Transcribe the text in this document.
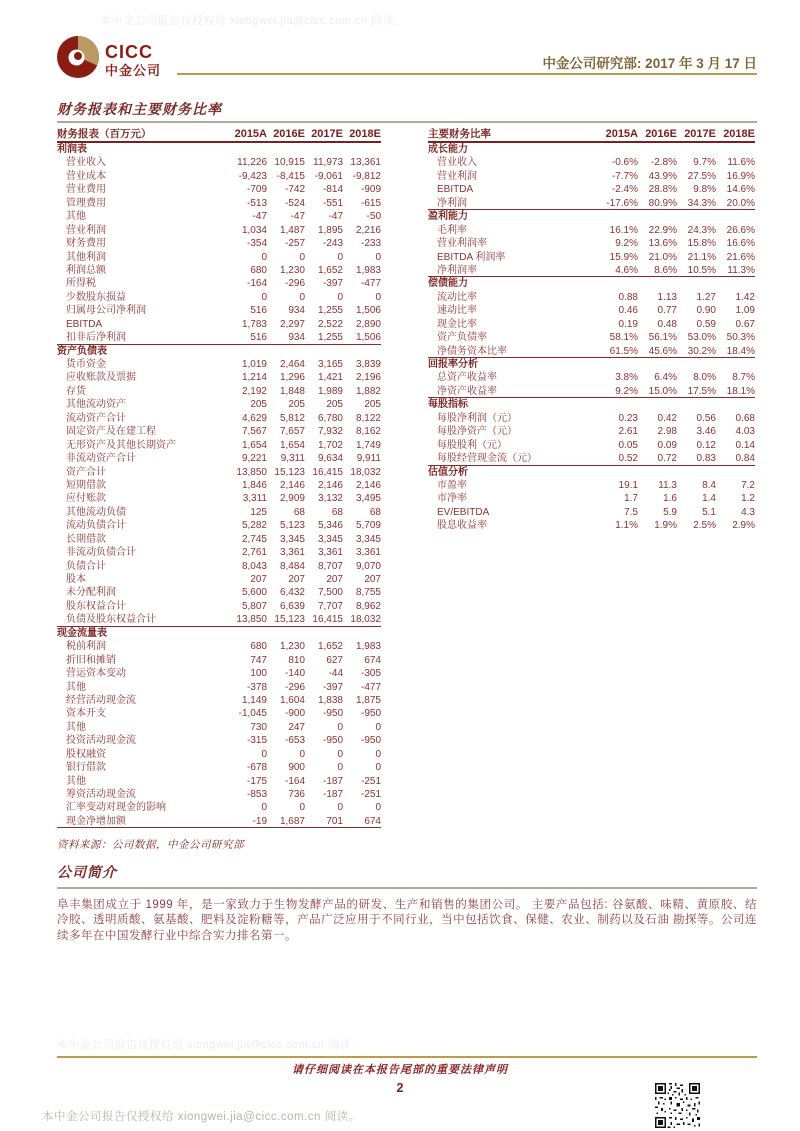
本中金公司报告仅授权给 xiongwei.jia@cicc.com.cn 阅读。
本中金公司报告仅授权给 xiongwei.jia@cicc.com.cn 阅读。
CICC
中金公司	中金公司研究部: 2017 年 3 月 17 日
财务报表和主要财务比率
财务报表（百万元）	2015A 2016E 2017E 2018E
利润表
营业收入	11,226 10,915 11,973 13,361
营业成本	-9,423 -8,415 -9,061 -9,812
营业费用	-709	-742	-814	-909
管理费用	-513	-524	-551	-615
其他	-47	-47	-47	-50
营业利润	1,034	1,487	1,895	2,216
财务费用	-354	-257	-243	-233
其他利润	0	0	0	0
利润总额	680	1,230	1,652	1,983
所得税	-164	-296	-397	-477
少数股东损益	0	0	0	0
归属母公司净利润	516	934	1,255	1,506
EBITDA	1,783	2,297	2,522	2,890
扣非后净利润	516	934	1,255	1,506
资产负债表
货币资金	1,019	2,464	3,165	3,839
应收账款及票据	1,214	1,296	1,421	2,196
存货	2,192	1,848	1,989	1,882
其他流动资产	205	205	205	205
流动资产合计	4,629	5,812	6,780	8,122
固定资产及在建工程	7,567	7,657	7,932	8,162
无形资产及其他长期资产	1,654	1,654	1,702	1,749
非流动资产合计	9,221	9,311	9,634	9,911
资产合计	13,850 15,123 16,415 18,032
短期借款	1,846	2,146	2,146	2,146
应付账款	3,311	2,909	3,132	3,495
其他流动负债	125	68	68	68
流动负债合计	5,282	5,123	5,346	5,709
长期借款	2,745	3,345	3,345	3,345
非流动负债合计	2,761	3,361	3,361	3,361
负债合计	8,043	8,484	8,707	9,070
股本	207	207	207	207
未分配利润	5,600	6,432	7,500	8,755
股东权益合计	5,807	6,639	7,707	8,962
负债及股东权益合计	13,850 15,123 16,415 18,032
现金流量表
税前利润	680	1,230	1,652	1,983
折旧和摊销	747	810	627	674
营运资本变动	100	-140	-44	-305
其他	-378	-296	-397	-477
经营活动现金流	1,149	1,604	1,838	1,875
资本开支	-1,045	-900	-950	-950
其他	730	247	0	0
投资活动现金流	-315	-653	-950	-950
股权融资	0	0	0	0
银行借款	-678	900	0	0
其他	-175	-164	-187	-251
筹资活动现金流	-853	736	-187	-251
汇率变动对现金的影响	0	0	0	0
现金净增加额	-19	1,687	701	674
资料来源：公司数据，中金公司研究部
主要财务比率	2015A 2016E 2017E 2018E
成长能力
营业收入	-0.6%	-2.8%	9.7%	11.6%
营业利润	-7.7%	43.9%	27.5%	16.9%
EBITDA	-2.4%	28.8%	9.8%	14.6%
净利润	-17.6%	80.9%	34.3%	20.0%
盈利能力
毛利率	16.1%	22.9%	24.3%	26.6%
营业利润率	9.2%	13.6%	15.8%	16.6%
EBITDA 利润率	15.9%	21.0%	21.1%	21.6%
净利润率	4.6%	8.6%	10.5%	11.3%
偿债能力
流动比率	0.88	1.13	1.27	1.42
速动比率	0.46	0.77	0.90	1.09
现金比率	0.19	0.48	0.59	0.67
资产负债率	58.1%	56.1%	53.0%	50.3%
净债务资本比率	61.5%	45.6%	30.2%	18.4%
回报率分析
总资产收益率	3.8%	6.4%	8.0%	8.7%
净资产收益率	9.2%	15.0%	17.5%	18.1%
每股指标
每股净利润（元）	0.23	0.42	0.56	0.68
每股净资产（元）	2.61	2.98	3.46	4.03
每股股利（元）	0.05	0.09	0.12	0.14
每股经营现金流（元）	0.52	0.72	0.83	0.84
估值分析
市盈率	19.1	11.3	8.4	7.2
市净率	1.7	1.6	1.4	1.2
EV/EBITDA	7.5	5.9	5.1	4.3
股息收益率	1.1%	1.9%	2.5%	2.9%
公司简介
阜丰集团成立于 1999 年，是一家致力于生物发酵产品的研发、生产和销售的集团公司。 主要产品包括: 谷氨酸、味精、黄原胶、结冷胶、透明质酸、氨基酸、肥料及淀粉糖等，产品广泛应用于不同行业，当中包括饮食、保健、农业、制药以及石油 勘探等。公司连续多年在中国发酵行业中综合实力排名第一。
请仔细阅读在本报告尾部的重要法律声明
2
本中金公司报告仅授权给 xiongwei.jia@cicc.com.cn 阅读。
